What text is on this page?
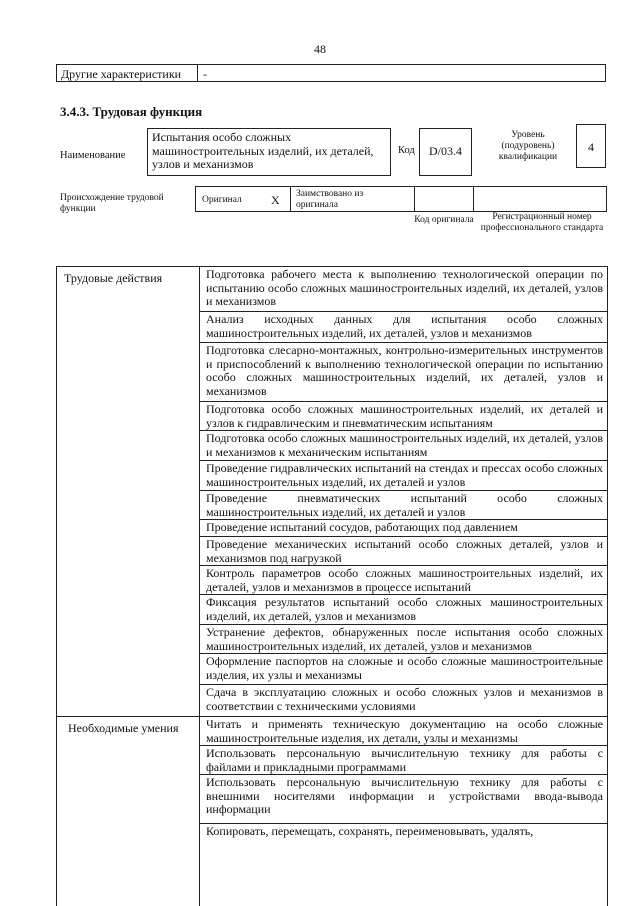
48
Другие характеристики -
3.4.3. Трудовая функция
Наименование
Испытания особо сложных машиностроительных изделий, их деталей, узлов и механизмов
Код	D/03.4
Уровень (подуровень) квалификации
4
Происхождение трудовой функции
Оригинал X Заимствовано из оригинала
Код оригинала	Регистрационный номер профессионального стандарта
Трудовые действия
Необходимые умения
Подготовка рабочего места к выполнению технологической операции по испытанию особо сложных машиностроительных изделий, их деталей, узлов и механизмов
Анализ исходных данных для испытания особо сложных машиностроительных изделий, их деталей, узлов и механизмов
Подготовка слесарно-монтажных, контрольно-измерительных инструментов и приспособлений к выполнению технологической операции по испытанию особо сложных машиностроительных изделий, их деталей, узлов и механизмов
Подготовка особо сложных машиностроительных изделий, их деталей и узлов к гидравлическим и пневматическим испытаниям
Подготовка особо сложных машиностроительных изделий, их деталей, узлов и механизмов к механическим испытаниям
Проведение гидравлических испытаний на стендах и прессах особо сложных машиностроительных изделий, их деталей и узлов
Проведение пневматических испытаний особо сложных машиностроительных изделий, их деталей и узлов
Проведение испытаний сосудов, работающих под давлением
Проведение механических испытаний особо сложных деталей, узлов и механизмов под нагрузкой
Контроль параметров особо сложных машиностроительных изделий, их деталей, узлов и механизмов в процессе испытаний
Фиксация результатов испытаний особо сложных машиностроительных изделий, их деталей, узлов и механизмов
Устранение дефектов, обнаруженных после испытания особо сложных машиностроительных изделий, их деталей, узлов и механизмов
Оформление паспортов на сложные и особо сложные машиностроительные изделия, их узлы и механизмы
Сдача в эксплуатацию сложных и особо сложных узлов и механизмов в соответствии с техническими условиями
Читать и применять техническую документацию на особо сложные машиностроительные изделия, их детали, узлы и механизмы
Использовать персональную вычислительную технику для работы с файлами и прикладными программами
Использовать персональную вычислительную технику для работы с внешними носителями информации и устройствами ввода-вывода информации
Копировать, перемещать, сохранять, переименовывать, удалять,
